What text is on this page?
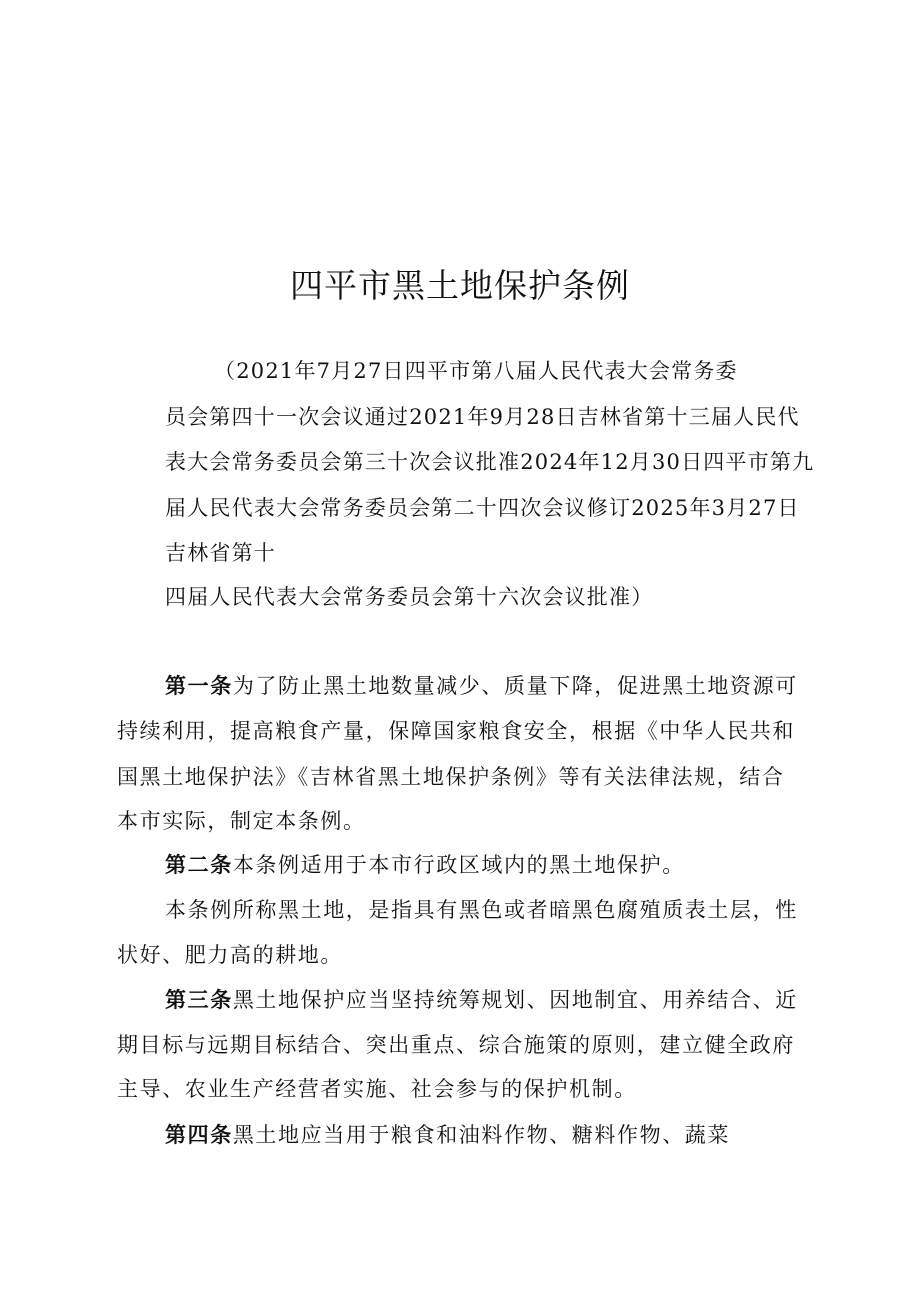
四平市黑土地保护条例
（2021年7月27日四平市第八届人民代表大会常务委
员会第四十一次会议通过2021年9月28日吉林省第十三届人民代
表大会常务委员会第三十次会议批准2024年12月30日四平市第九
届人民代表大会常务委员会第二十四次会议修订2025年3月27日
吉林省第十
四届人民代表大会常务委员会第十六次会议批准）
第一条为了防止黑土地数量减少、质量下降，促进黑土地资源可
持续利用，提高粮食产量，保障国家粮食安全，根据《中华人民共和
国黑土地保护法》《吉林省黑土地保护条例》等有关法律法规，结合
本市实际，制定本条例。
第二条本条例适用于本市行政区域内的黑土地保护。
本条例所称黑土地，是指具有黑色或者暗黑色腐殖质表土层，性
状好、肥力高的耕地。
第三条黑土地保护应当坚持统筹规划、因地制宜、用养结合、近
期目标与远期目标结合、突出重点、综合施策的原则，建立健全政府
主导、农业生产经营者实施、社会参与的保护机制。
第四条黑土地应当用于粮食和油料作物、糖料作物、蔬菜
